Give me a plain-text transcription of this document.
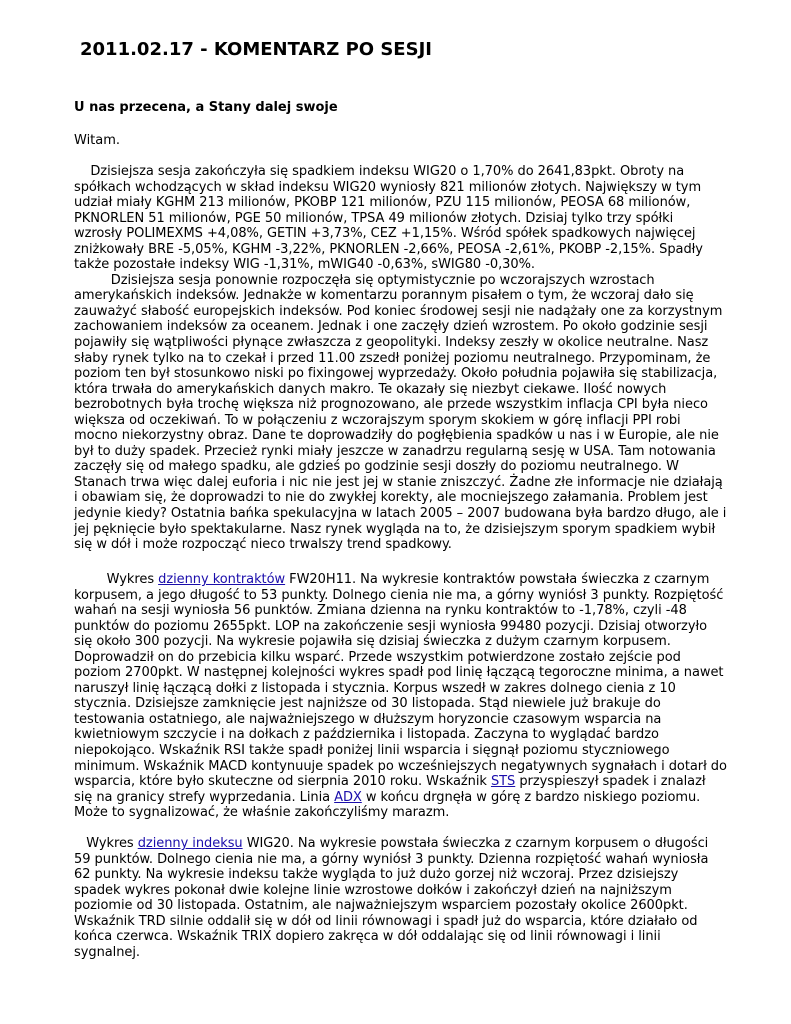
2011.02.17 - KOMENTARZ PO SESJI

U nas przecena, a Stany dalej swoje

Witam.

Dzisiejsza sesja zakończyła się spadkiem indeksu WIG20 o 1,70% do 2641,83pkt. Obroty na
spółkach wchodzących w skład indeksu WIG20 wyniosły 821 milionów złotych. Największy w tym
udział miały KGHM 213 milionów, PKOBP 121 milionów, PZU 115 milionów, PEOSA 68 milionów,
PKNORLEN 51 milionów, PGE 50 milionów, TPSA 49 milionów złotych. Dzisiaj tylko trzy spółki
wzrosły POLIMEXMS +4,08%, GETIN +3,73%, CEZ +1,15%. Wśród spółek spadkowych najwięcej
zniżkowały BRE -5,05%, KGHM -3,22%, PKNORLEN -2,66%, PEOSA -2,61%, PKOBP -2,15%. Spadły
także pozostałe indeksy WIG -1,31%, mWIG40 -0,63%, sWIG80 -0,30%.
Dzisiejsza sesja ponownie rozpoczęła się optymistycznie po wczorajszych wzrostach
amerykańskich indeksów. Jednakże w komentarzu porannym pisałem o tym, że wczoraj dało się
zauważyć słabość europejskich indeksów. Pod koniec środowej sesji nie nadążały one za korzystnym
zachowaniem indeksów za oceanem. Jednak i one zaczęły dzień wzrostem. Po około godzinie sesji
pojawiły się wątpliwości płynące zwłaszcza z geopolityki. Indeksy zeszły w okolice neutralne. Nasz
słaby rynek tylko na to czekał i przed 11.00 zszedł poniżej poziomu neutralnego. Przypominam, że
poziom ten był stosunkowo niski po fixingowej wyprzedaży. Około południa pojawiła się stabilizacja,
która trwała do amerykańskich danych makro. Te okazały się niezbyt ciekawe. Ilość nowych
bezrobotnych była trochę większa niż prognozowano, ale przede wszystkim inflacja CPI była nieco
większa od oczekiwań. To w połączeniu z wczorajszym sporym skokiem w górę inflacji PPI robi
mocno niekorzystny obraz. Dane te doprowadziły do pogłębienia spadków u nas i w Europie, ale nie
był to duży spadek. Przecież rynki miały jeszcze w zanadrzu regularną sesję w USA. Tam notowania
zaczęły się od małego spadku, ale gdzieś po godzinie sesji doszły do poziomu neutralnego. W
Stanach trwa więc dalej euforia i nic nie jest jej w stanie zniszczyć. Żadne złe informacje nie działają
i obawiam się, że doprowadzi to nie do zwykłej korekty, ale mocniejszego załamania. Problem jest
jedynie kiedy? Ostatnia bańka spekulacyjna w latach 2005 – 2007 budowana była bardzo długo, ale i
jej pęknięcie było spektakularne. Nasz rynek wygląda na to, że dzisiejszym sporym spadkiem wybił
się w dół i może rozpocząć nieco trwalszy trend spadkowy.
Wykres dzienny kontraktów FW20H11. Na wykresie kontraktów powstała świeczka z czarnym
korpusem, a jego długość to 53 punkty. Dolnego cienia nie ma, a górny wyniósł 3 punkty. Rozpiętość
wahań na sesji wyniosła 56 punktów. Zmiana dzienna na rynku kontraktów to -1,78%, czyli -48
punktów do poziomu 2655pkt. LOP na zakończenie sesji wyniosła 99480 pozycji. Dzisiaj otworzyło
się około 300 pozycji. Na wykresie pojawiła się dzisiaj świeczka z dużym czarnym korpusem.
Doprowadził on do przebicia kilku wsparć. Przede wszystkim potwierdzone zostało zejście pod
poziom 2700pkt. W następnej kolejności wykres spadł pod linię łączącą tegoroczne minima, a nawet
naruszył linię łączącą dołki z listopada i stycznia. Korpus wszedł w zakres dolnego cienia z 10
stycznia. Dzisiejsze zamknięcie jest najniższe od 30 listopada. Stąd niewiele już brakuje do
testowania ostatniego, ale najważniejszego w dłuższym horyzoncie czasowym wsparcia na
kwietniowym szczycie i na dołkach z października i listopada. Zaczyna to wyglądać bardzo
niepokojąco. Wskaźnik RSI także spadł poniżej linii wsparcia i sięgnął poziomu styczniowego
minimum. Wskaźnik MACD kontynuuje spadek po wcześniejszych negatywnych sygnałach i dotarł do
wsparcia, które było skuteczne od sierpnia 2010 roku. Wskaźnik STS przyspieszył spadek i znalazł
się na granicy strefy wyprzedania. Linia ADX w końcu drgnęła w górę z bardzo niskiego poziomu.
Może to sygnalizować, że właśnie zakończyliśmy marazm.
Wykres dzienny indeksu WIG20. Na wykresie powstała świeczka z czarnym korpusem o długości
59 punktów. Dolnego cienia nie ma, a górny wyniósł 3 punkty. Dzienna rozpiętość wahań wyniosła
62 punkty. Na wykresie indeksu także wygląda to już dużo gorzej niż wczoraj. Przez dzisiejszy
spadek wykres pokonał dwie kolejne linie wzrostowe dołków i zakończył dzień na najniższym
poziomie od 30 listopada. Ostatnim, ale najważniejszym wsparciem pozostały okolice 2600pkt.
Wskaźnik TRD silnie oddalił się w dół od linii równowagi i spadł już do wsparcia, które działało od
końca czerwca. Wskaźnik TRIX dopiero zakręca w dół oddalając się od linii równowagi i linii
sygnalnej.
